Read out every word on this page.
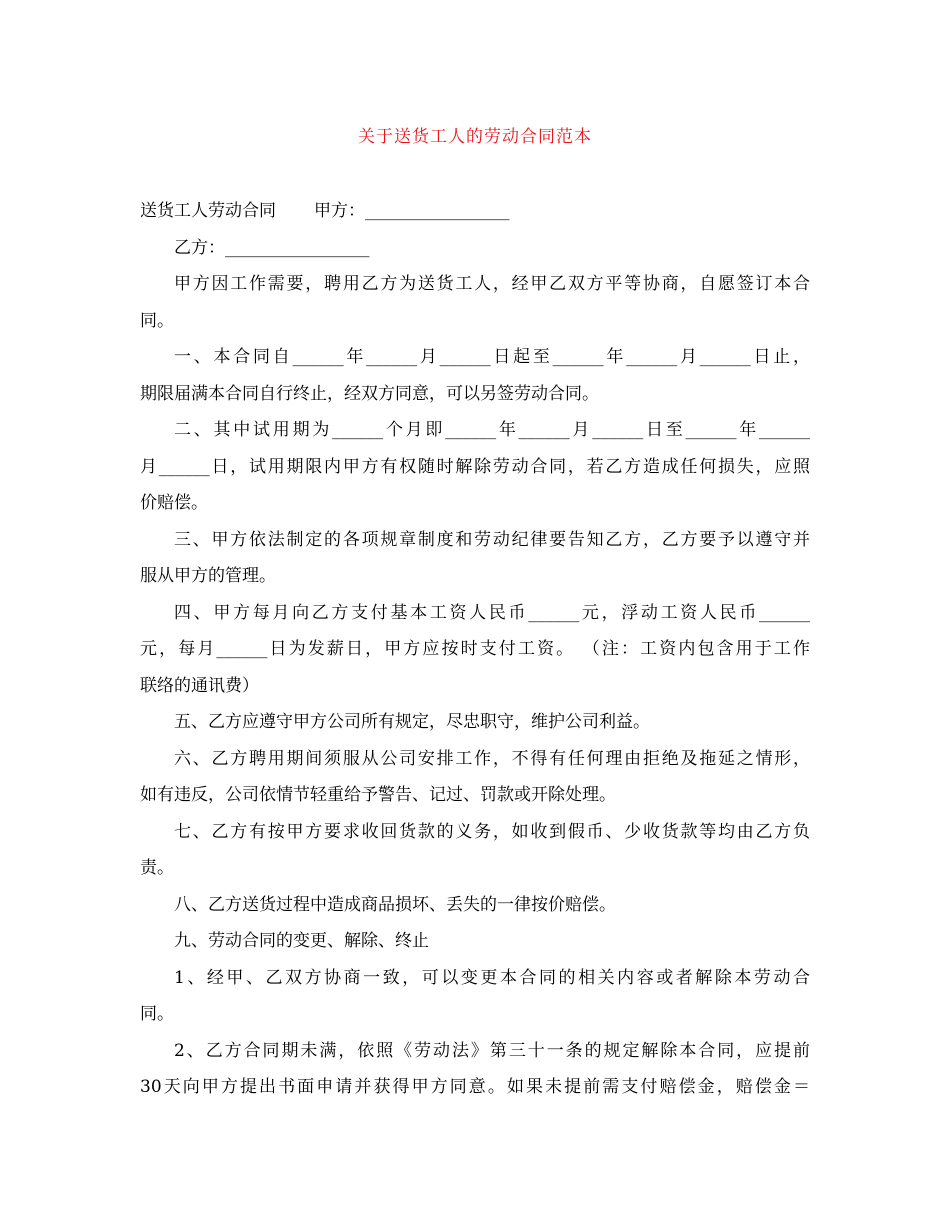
关于送货工人的劳动合同范本
送货工人劳动合同 甲方：_________________
乙方：_________________
甲方因工作需要，聘用乙方为送货工人，经甲乙双方平等协商，自愿签订本合
同。
一、本合同自______年______月______日起至______年______月______日止，
期限届满本合同自行终止，经双方同意，可以另签劳动合同。
二、其中试用期为______个月即______年______月______日至______年______
月______日，试用期限内甲方有权随时解除劳动合同，若乙方造成任何损失，应照
价赔偿。
三、甲方依法制定的各项规章制度和劳动纪律要告知乙方，乙方要予以遵守并
服从甲方的管理。
四、甲方每月向乙方支付基本工资人民币______元，浮动工资人民币______
元，每月______日为发薪日，甲方应按时支付工资。 （注：工资内包含用于工作
联络的通讯费）
五、乙方应遵守甲方公司所有规定，尽忠职守，维护公司利益。
六、乙方聘用期间须服从公司安排工作，不得有任何理由拒绝及拖延之情形，
如有违反，公司依情节轻重给予警告、记过、罚款或开除处理。
七、乙方有按甲方要求收回货款的义务，如收到假币、少收货款等均由乙方负
责。
八、乙方送货过程中造成商品损坏、丢失的一律按价赔偿。
九、劳动合同的变更、解除、终止
1、经甲、乙双方协商一致，可以变更本合同的相关内容或者解除本劳动合
同。
2、乙方合同期未满，依照《劳动法》第三十一条的规定解除本合同，应提前
30天向甲方提出书面申请并获得甲方同意。如果未提前需支付赔偿金，赔偿金＝
